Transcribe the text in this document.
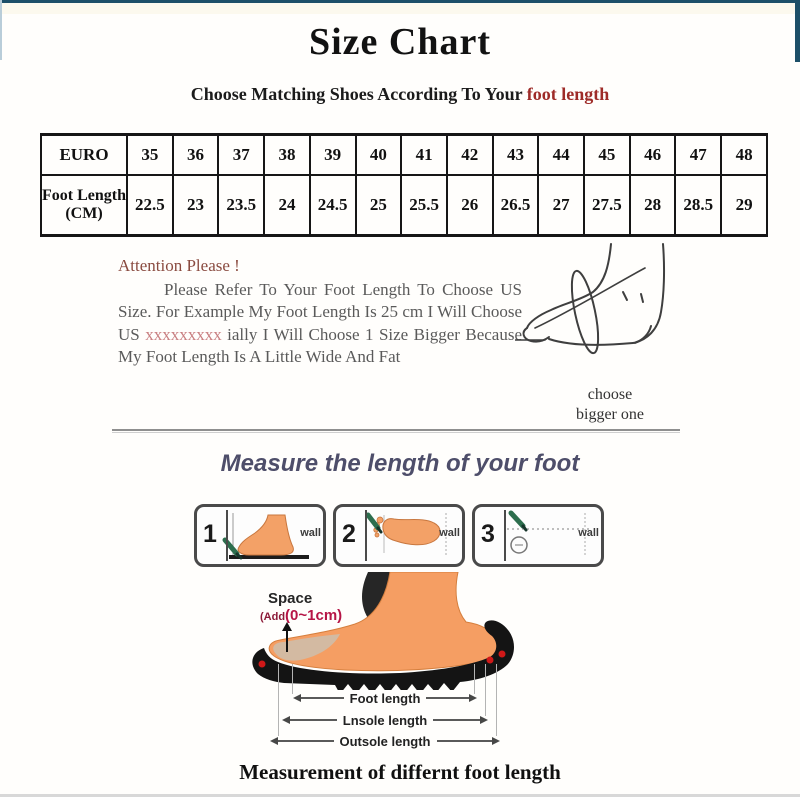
Size Chart
Choose Matching Shoes According To Your foot length
EURO	35	36	37	38	39	40	41	42	43	44	45	46	47	48
Foot Length (CM)	22.5	23	23.5	24	24.5	25	25.5	26	26.5	27	27.5	28	28.5	29
Attention Please !

Please Refer To Your Foot Length To Choose US Size. For Example My Foot Length Is 25 cm I Will Choose US xxxxxxxxx ially I Will Choose 1 Size Bigger Because My Foot Length Is A Little Wide And Fat

choose
bigger one
Measure the length of your foot
1	wall 2	wall 3	wall
Space
(Add(0~1cm)
Foot length
Lnsole length
Outsole length
Measurement of differnt foot length
